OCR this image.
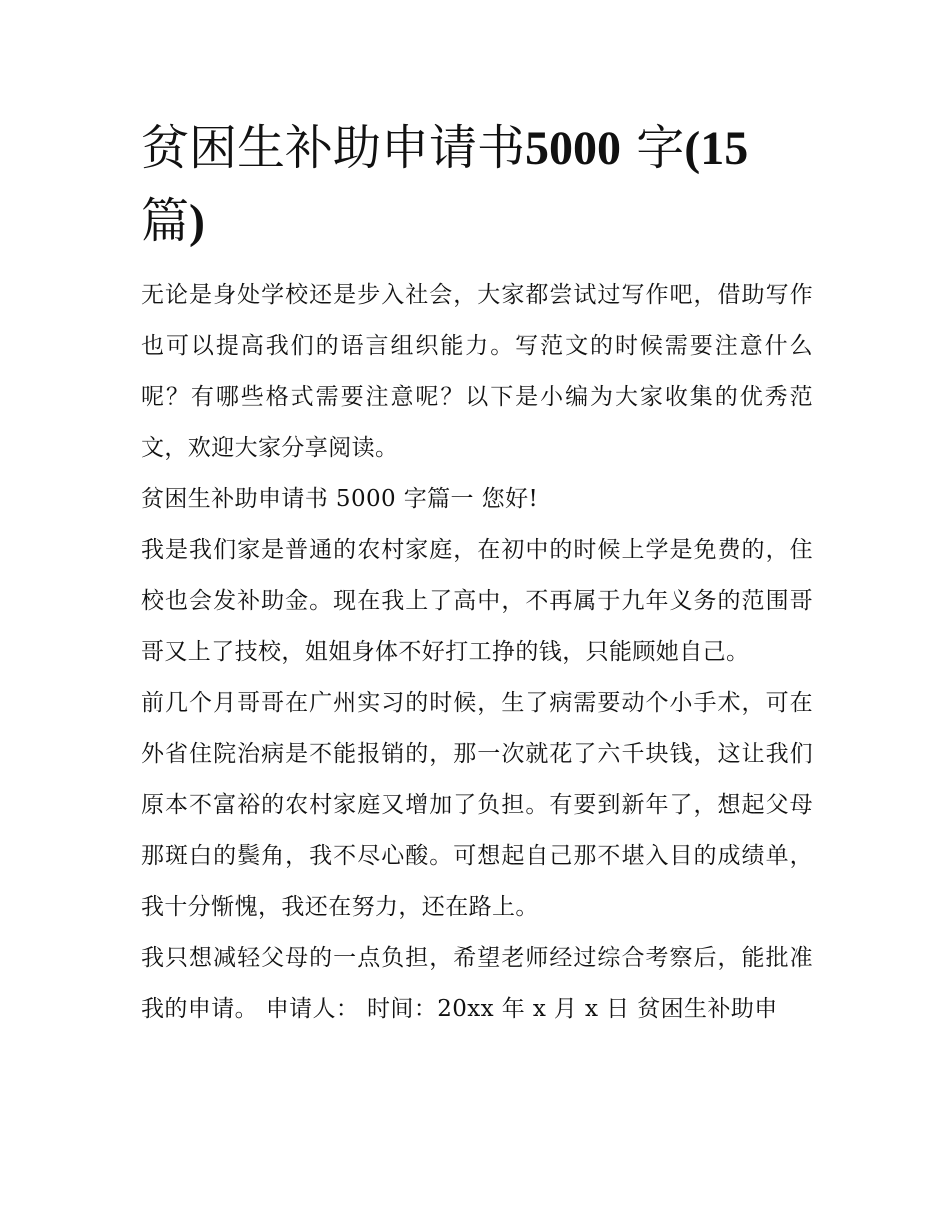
贫困生补助申请书5000 字(15
篇)

无论是身处学校还是步入社会，大家都尝试过写作吧，借助写作也可以提高我们的语言组织能力。写范文的时候需要注意什么呢？有哪些格式需要注意呢？以下是小编为大家收集的优秀范文，欢迎大家分享阅读。

贫困生补助申请书 5000 字篇一 您好!

我是我们家是普通的农村家庭，在初中的时候上学是免费的，住校也会发补助金。现在我上了高中，不再属于九年义务的范围哥哥又上了技校，姐姐身体不好打工挣的钱，只能顾她自己。

前几个月哥哥在广州实习的时候，生了病需要动个小手术，可在外省住院治病是不能报销的，那一次就花了六千块钱，这让我们原本不富裕的农村家庭又增加了负担。有要到新年了，想起父母那斑白的鬓角，我不尽心酸。可想起自己那不堪入目的成绩单，我十分惭愧，我还在努力，还在路上。

我只想减轻父母的一点负担，希望老师经过综合考察后，能批准我的申请。 申请人： 时间：20xx 年 x 月 x 日 贫困生补助申
